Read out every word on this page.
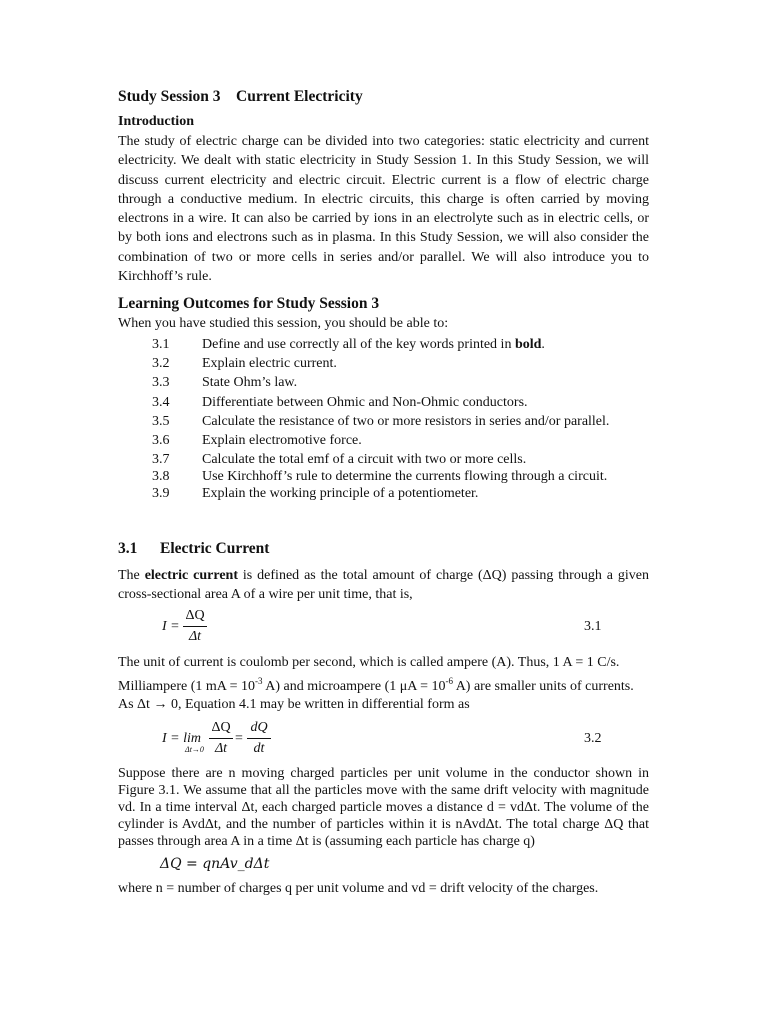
Study Session 3 Current Electricity
Introduction
The study of electric charge can be divided into two categories: static electricity and current electricity. We dealt with static electricity in Study Session 1. In this Study Session, we will discuss current electricity and electric circuit. Electric current is a flow of electric charge through a conductive medium. In electric circuits, this charge is often carried by moving electrons in a wire. It can also be carried by ions in an electrolyte such as in electric cells, or by both ions and electrons such as in plasma. In this Study Session, we will also consider the combination of two or more cells in series and/or parallel. We will also introduce you to Kirchhoff’s rule.
Learning Outcomes for Study Session 3
When you have studied this session, you should be able to:
3.1 Define and use correctly all of the key words printed in bold.
3.2 Explain electric current.
3.3 State Ohm’s law.
3.4 Differentiate between Ohmic and Non-Ohmic conductors.
3.5 Calculate the resistance of two or more resistors in series and/or parallel.
3.6 Explain electromotive force.
3.7 Calculate the total emf of a circuit with two or more cells.
3.8 Use Kirchhoff’s rule to determine the currents flowing through a circuit.
3.9 Explain the working principle of a potentiometer.
3.1 Electric Current
The electric current is defined as the total amount of charge (ΔQ) passing through a given cross-sectional area A of a wire per unit time, that is,
I =
ΔQ
Δt
3.1
The unit of current is coulomb per second, which is called ampere (A). Thus, 1 A = 1 C/s.
Milliampere (1 mA = $10^{-3}$ A) and microampere (1 $\mu A = 10^{-6}$ A) are smaller units of currents.
As Δt → 0, Equation 4.1 may be written in differential form as
I = lim
Δt→0
ΔQ
Δt
=
dQ
dt
3.2
Suppose there are n moving charged particles per unit volume in the conductor shown in Figure 3.1. We assume that all the particles move with the same drift velocity with magnitude vd. In a time interval Δt, each charged particle moves a distance d = vdΔt. The volume of the cylinder is AvdΔt, and the number of particles within it is nAvdΔt. The total charge ΔQ that passes through area A in a time Δt is (assuming each particle has charge q)
ΔQ = qnAv_dΔt
where n = number of charges q per unit volume and vd = drift velocity of the charges.
